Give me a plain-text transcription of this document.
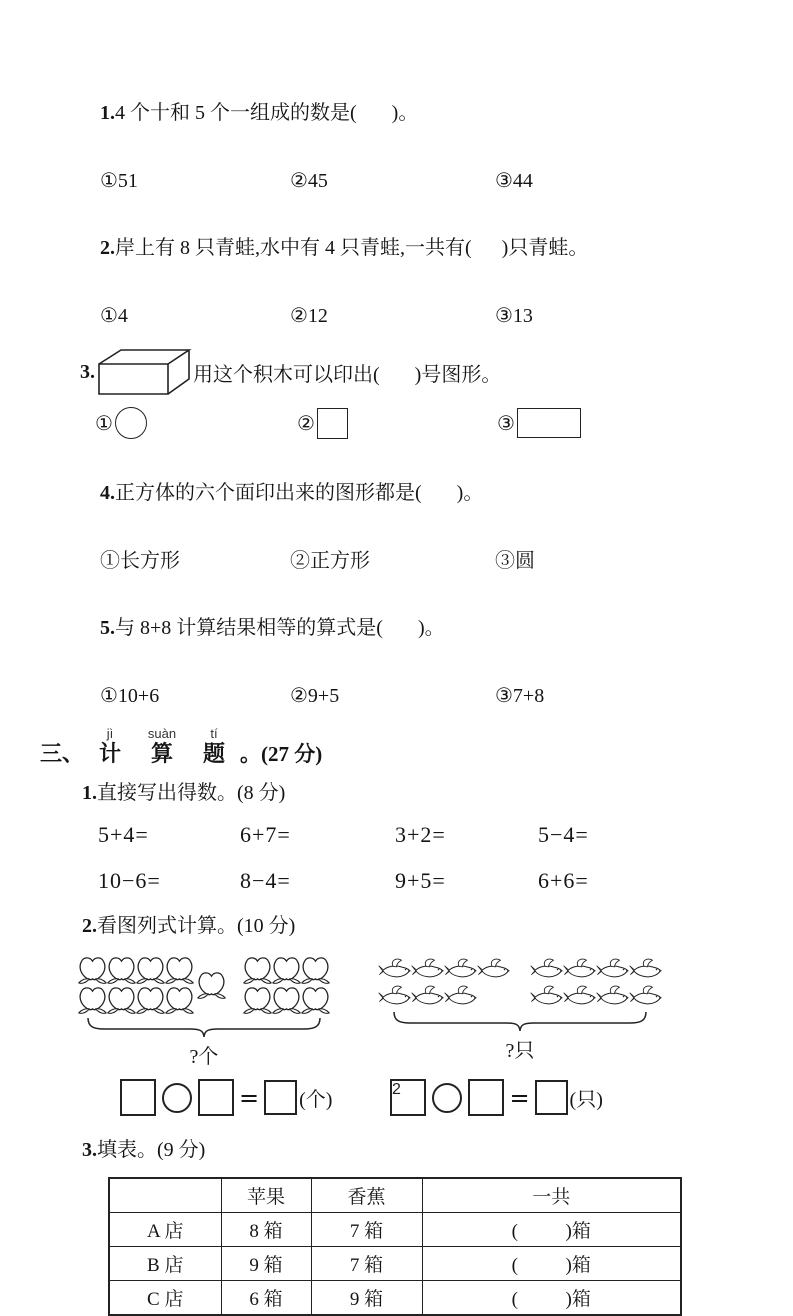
1.4 个十和 5 个一组成的数是(       )。

①51	②45	③44

2.岸上有 8 只青蛙,水中有 4 只青蛙,一共有(      )只青蛙。

①4	②12	③13
3.	用这个积木可以印出(       )号图形。
①	②	③

4.正方体的六个面印出来的图形都是(       )。

①长方形	②正方形	③圆

5.与 8+8 计算结果相等的算式是(       )。

①10+6	②9+5	③7+8
三、
jì
计
suàn
算
tí
题 。(27 分)
1.直接写出得数。(8 分)
5+4=	6+7=	3+2=	5−4=
10−6=	8−4=	9+5=	6+6=
2.看图列式计算。(10 分)
?个	?只
= (个)	= (只)
3.填表。(9 分)
	苹果	香蕉	一共
A 店	8 箱	7 箱	(          )箱
B 店	9 箱	7 箱	(          )箱
C 店	6 箱	9 箱	(          )箱
2
